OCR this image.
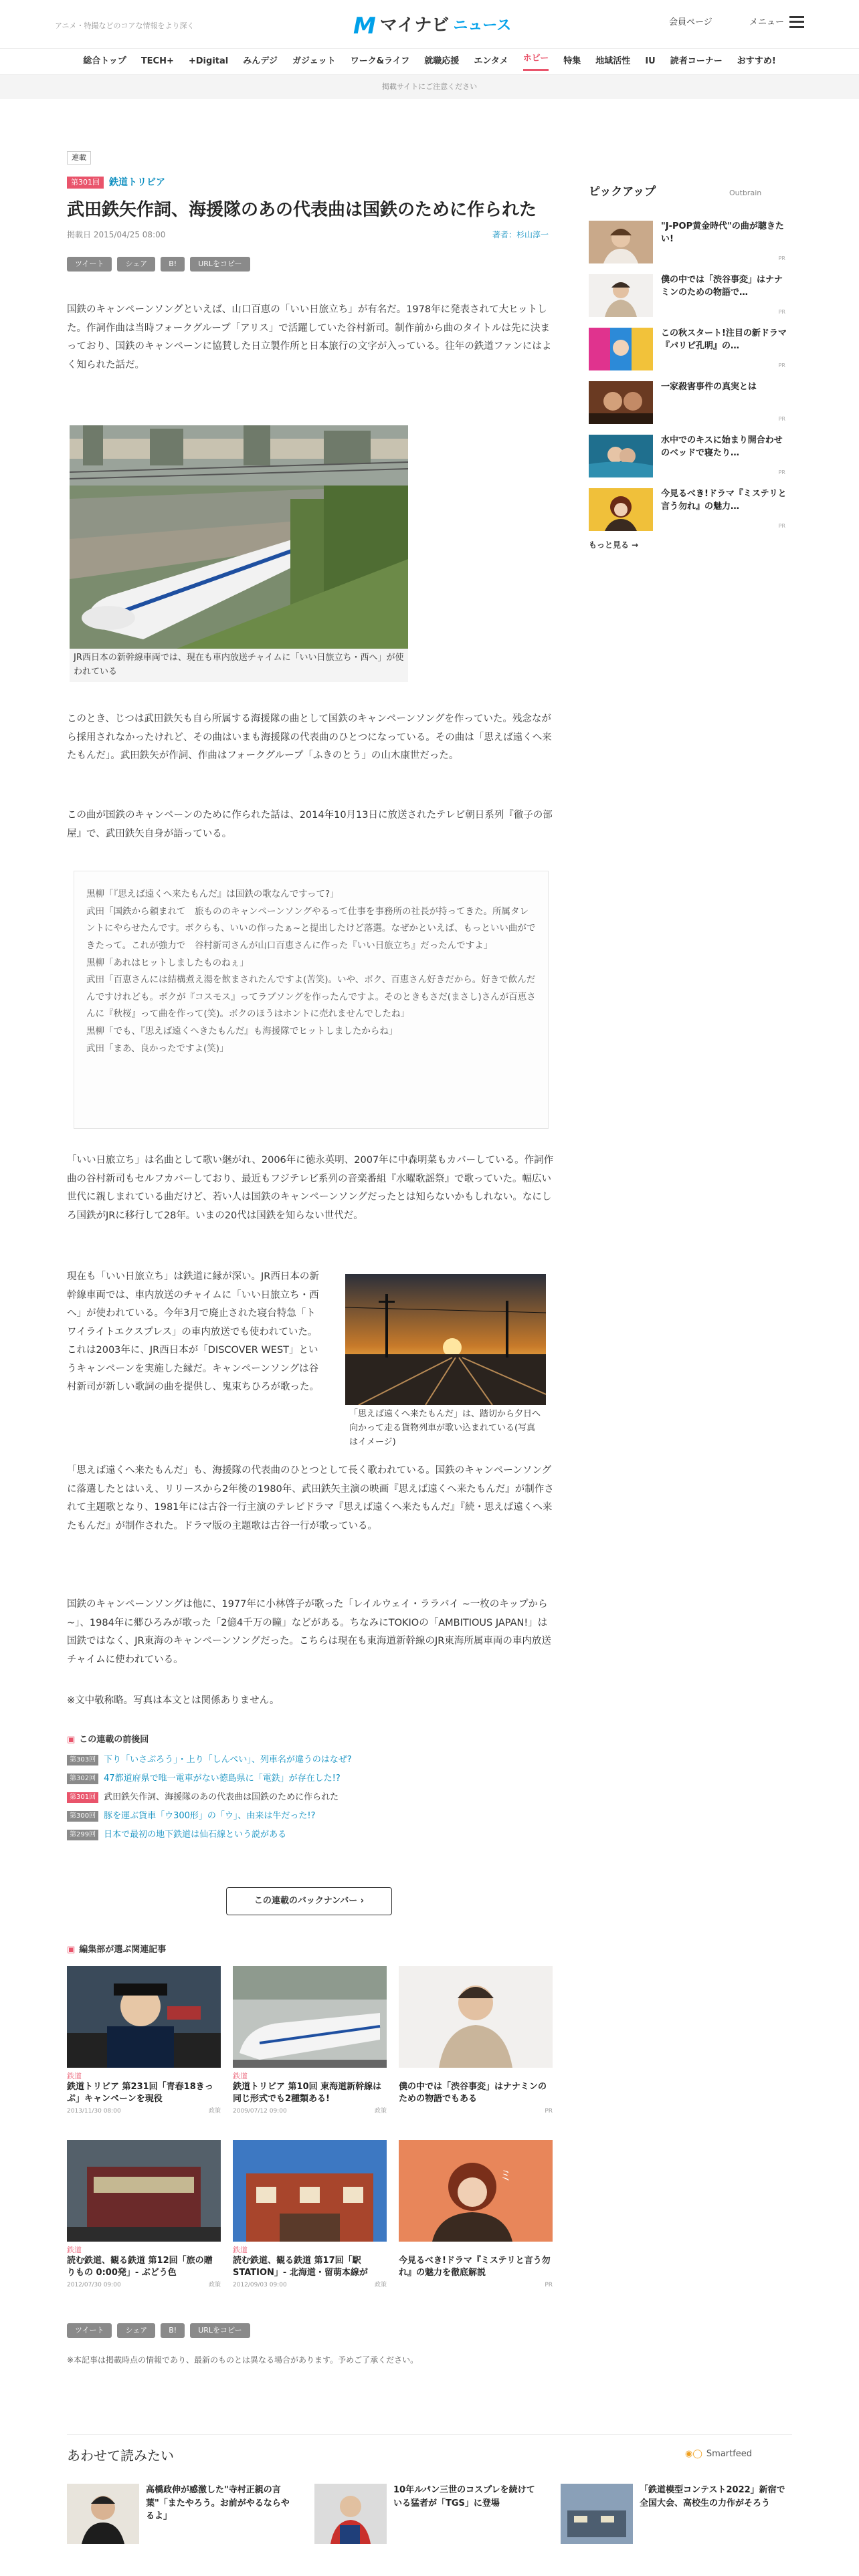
アニメ・特撮などのコアな情報をより深く	M マイナビ ニュース	会員ページ	メニュー
総合トップ TECH+ +Digital みんデジ ガジェット ワーク&ライフ 就職応援 エンタメ ホビー 特集 地域活性 IU 読者コーナー おすすめ!
掲載サイトにご注意ください
連載
第301回	鉄道トリビア
武田鉄矢作詞、海援隊のあの代表曲は国鉄のために作られた
掲載日 2015/04/25 08:00	著者：杉山淳一
ツイート	シェア	B!	URLをコピー

国鉄のキャンペーンソングといえば、山口百恵の「いい日旅立ち」が有名だ。1978年に発表されて大ヒットした。作詞作曲は当時フォークグループ「アリス」で活躍していた谷村新司。制作前から曲のタイトルは先に決まっており、国鉄のキャンペーンに協賛した日立製作所と日本旅行の文字が入っている。往年の鉄道ファンにはよく知られた話だ。

JR西日本の新幹線車両では、現在も車内放送チャイムに「いい日旅立ち・西へ」が使われている

このとき、じつは武田鉄矢も自ら所属する海援隊の曲として国鉄のキャンペーンソングを作っていた。残念ながら採用されなかったけれど、その曲はいまも海援隊の代表曲のひとつになっている。その曲は「思えば遠くへ来たもんだ」。武田鉄矢が作詞、作曲はフォークグループ「ふきのとう」の山木康世だった。

この曲が国鉄のキャンペーンのために作られた話は、2014年10月13日に放送されたテレビ朝日系列『徹子の部屋』で、武田鉄矢自身が語っている。

黒柳「『思えば遠くへ来たもんだ』は国鉄の歌なんですって?」
武田「国鉄から頼まれて　旅もののキャンペーンソングやるって仕事を事務所の社長が持ってきた。所属タレントにやらせたんです。ボクらも、いいの作ったぁ~と提出したけど落選。なぜかといえば、もっといい曲ができたって。これが強力で　谷村新司さんが山口百恵さんに作った『いい日旅立ち』だったんですよ」
黒柳「あれはヒットしましたものねぇ」
武田「百恵さんには結構煮え湯を飲まされたんですよ(苦笑)。いや、ボク、百恵さん好きだから。好きで飲んだんですけれども。ボクが『コスモス』ってラブソングを作ったんですよ。そのときもさだ(まさし)さんが百恵さんに『秋桜』って曲を作って(笑)。ボクのほうはホントに売れませんでしたね」
黒柳「でも、『思えば遠くへきたもんだ』も海援隊でヒットしましたからね」
武田「まあ、良かったですよ(笑)」

「いい日旅立ち」は名曲として歌い継がれ、2006年に徳永英明、2007年に中森明菜もカバーしている。作詞作曲の谷村新司もセルフカバーしており、最近もフジテレビ系列の音楽番組『水曜歌謡祭』で歌っていた。幅広い世代に親しまれている曲だけど、若い人は国鉄のキャンペーンソングだったとは知らないかもしれない。なにしろ国鉄がJRに移行して28年。いまの20代は国鉄を知らない世代だ。

現在も「いい日旅立ち」は鉄道に縁が深い。JR西日本の新幹線車両では、車内放送のチャイムに「いい日旅立ち・西へ」が使われている。今年3月で廃止された寝台特急「トワイライトエクスプレス」の車内放送でも使われていた。これは2003年に、JR西日本が「DISCOVER WEST」というキャンペーンを実施した縁だ。キャンペーンソングは谷村新司が新しい歌詞の曲を提供し、鬼束ちひろが歌った。

「思えば遠くへ来たもんだ」は、踏切から夕日へ向かって走る貨物列車が歌い込まれている(写真はイメージ)

「思えば遠くへ来たもんだ」も、海援隊の代表曲のひとつとして長く歌われている。国鉄のキャンペーンソングに落選したとはいえ、リリースから2年後の1980年、武田鉄矢主演の映画『思えば遠くへ来たもんだ』が制作されて主題歌となり、1981年には古谷一行主演のテレビドラマ『思えば遠くへ来たもんだ』『続・思えば遠くへ来たもんだ』が制作された。ドラマ版の主題歌は古谷一行が歌っている。

国鉄のキャンペーンソングは他に、1977年に小林啓子が歌った「レイルウェイ・ララバイ ~一枚のキップから~」、1984年に郷ひろみが歌った「2億4千万の瞳」などがある。ちなみにTOKIOの「AMBITIOUS JAPAN!」は国鉄ではなく、JR東海のキャンペーンソングだった。こちらは現在も東海道新幹線のJR東海所属車両の車内放送チャイムに使われている。

※文中敬称略。写真は本文とは関係ありません。

▣ この連載の前後回
第303回 下り「いさぶろう」・上り「しんぺい」、列車名が違うのはなぜ?
第302回 47都道府県で唯一電車がない徳島県に「電鉄」が存在した!?
第301回 武田鉄矢作詞、海援隊のあの代表曲は国鉄のために作られた
第300回 豚を運ぶ貨車「ウ300形」の「ウ」、由来は牛だった!?
第299回 日本で最初の地下鉄道は仙石線という説がある
この連載のバックナンバー ›
▣ 編集部が選ぶ関連記事
鉄道
鉄道トリビア 第231回「青春18きっぷ」キャンペーンを現役
2013/11/30 08:00	政策
鉄道
鉄道トリビア 第10回 東海道新幹線は同じ形式でも2種類ある!
2009/07/12 09:00	政策
僕の中では「渋谷事変」はナナミンのための物語でもある
PR
鉄道
読む鉄道、観る鉄道 第12回「旅の贈りもの 0:00発」- ぶどう色
2012/07/30 09:00	政策
鉄道
読む鉄道、観る鉄道 第17回「駅 STATION」- 北海道・留萌本線が
2012/09/03 09:00	政策
ミ
今見るべき!ドラマ『ミステリと言う勿れ』の魅力を徹底解説
PR
ツイート	シェア	B!	URLをコピー
※本記事は掲載時点の情報であり、最新のものとは異なる場合があります。予めご了承ください。
あわせて読みたい	◉◯ Smartfeed
高橋政伸が感激した"寺村正親の言葉"「またやろう。お前がやるならやるよ」
10年ルパン三世のコスプレを続けている猛者が「TGS」に登場
「鉄道模型コンテスト2022」新宿で全国大会、高校生の力作がそろう
ピックアップ	Outbrain
"J-POP黄金時代"の曲が聴きたい!
PR
僕の中では「渋谷事変」はナナミンのための物語で…
PR
この秋スタート!注目の新ドラマ『パリピ孔明』の…
PR
一家殺害事件の真実とは
PR
水中でのキスに始まり開合わせのベッドで寝たり…
PR
今見るべき!ドラマ『ミステリと言う勿れ』の魅力…
PR
もっと見る →
